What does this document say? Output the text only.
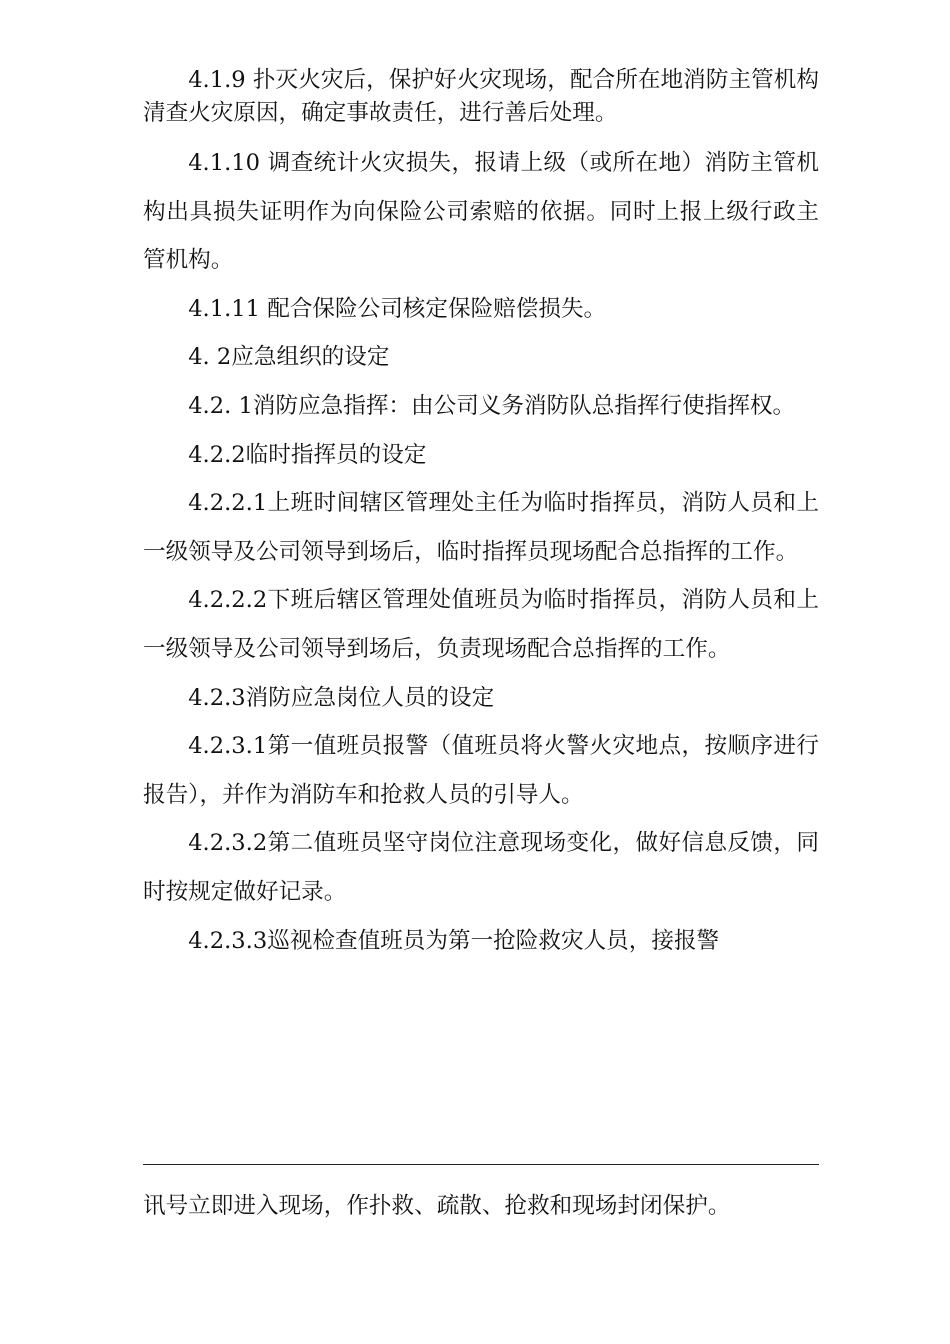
4.1.9 扑灭火灾后，保护好火灾现场，配合所在地消防主管机构清查火灾原因，确定事故责任，进行善后处理。

4.1.10 调查统计火灾损失，报请上级（或所在地）消防主管机构出具损失证明作为向保险公司索赔的依据。同时上报上级行政主管机构。

4.1.11 配合保险公司核定保险赔偿损失。

4. 2应急组织的设定

4.2. 1消防应急指挥：由公司义务消防队总指挥行使指挥权。

4.2.2临时指挥员的设定

4.2.2.1上班时间辖区管理处主任为临时指挥员，消防人员和上一级领导及公司领导到场后，临时指挥员现场配合总指挥的工作。

4.2.2.2下班后辖区管理处值班员为临时指挥员，消防人员和上一级领导及公司领导到场后，负责现场配合总指挥的工作。

4.2.3消防应急岗位人员的设定

4.2.3.1第一值班员报警（值班员将火警火灾地点，按顺序进行报告），并作为消防车和抢救人员的引导人。

4.2.3.2第二值班员坚守岗位注意现场变化，做好信息反馈，同时按规定做好记录。

4.2.3.3巡视检查值班员为第一抢险救灾人员，接报警

讯号立即进入现场，作扑救、疏散、抢救和现场封闭保护。
